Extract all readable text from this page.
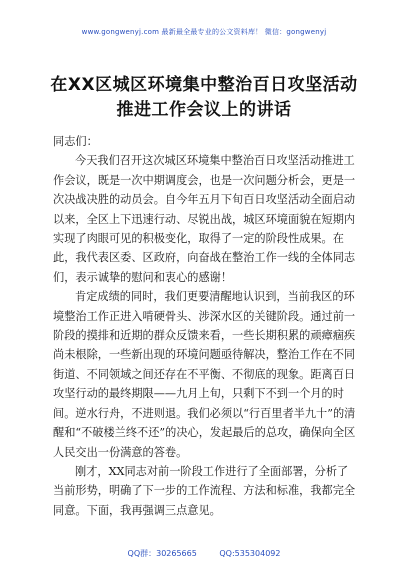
www.gongwenyj.com 最新最全最专业的公文资料库！ 微信：gongwenyj
在XX区城区环境集中整治百日攻坚活动
推进工作会议上的讲话

同志们：

今天我们召开这次城区环境集中整治百日攻坚活动推进工作会议，既是一次中期调度会，也是一次问题分析会，更是一次决战决胜的动员会。自今年五月下旬百日攻坚活动全面启动以来，全区上下迅速行动、尽锐出战，城区环境面貌在短期内实现了肉眼可见的积极变化，取得了一定的阶段性成果。在此，我代表区委、区政府，向奋战在整治工作一线的全体同志们，表示诚挚的慰问和衷心的感谢！

肯定成绩的同时，我们更要清醒地认识到，当前我区的环境整治工作正进入啃硬骨头、涉深水区的关键阶段。通过前一阶段的摸排和近期的群众反馈来看，一些长期积累的顽瘴痼疾尚未根除，一些新出现的环境问题亟待解决，整治工作在不同街道、不同领域之间还存在不平衡、不彻底的现象。距离百日攻坚行动的最终期限——九月上旬，只剩下不到一个月的时间。逆水行舟，不进则退。我们必须以“行百里者半九十”的清醒和“不破楼兰终不还”的决心，发起最后的总攻，确保向全区人民交出一份满意的答卷。

刚才，XX同志对前一阶段工作进行了全面部署，分析了当前形势，明确了下一步的工作流程、方法和标准，我都完全同意。下面，我再强调三点意见。

QQ群：30265665	QQ:535304092
